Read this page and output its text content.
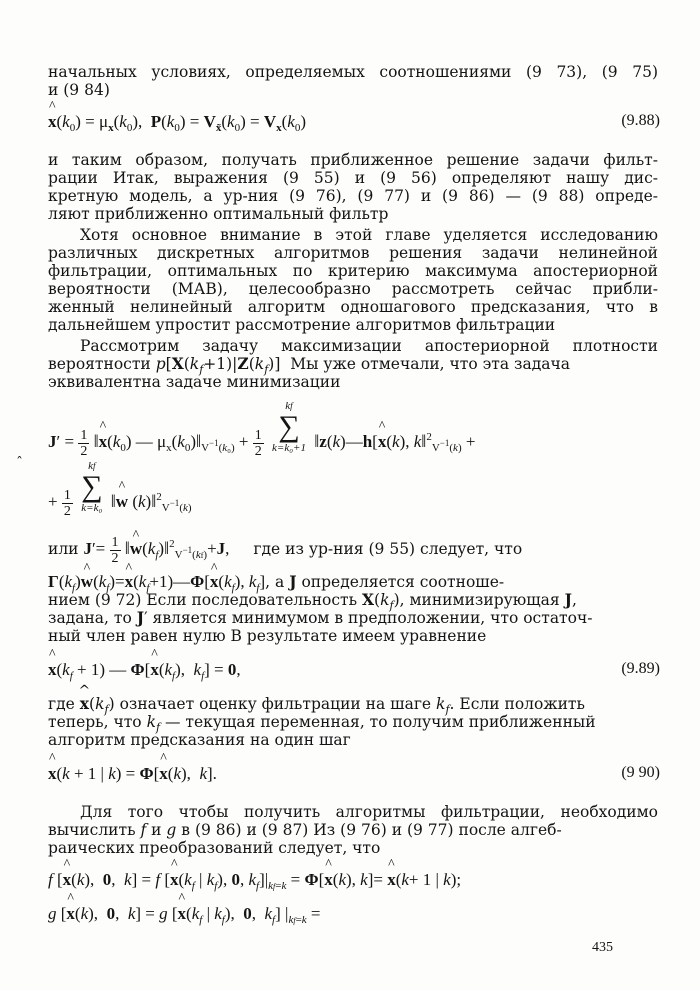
начальных условиях, определяемых соотношениями (9 73), (9 75)
и (9 84)
^ $x(k_0) = \mu_x(k_0)$,  $P(k_0) = V_{x̃}(k_0) = V_x(k_0)$	(9.88)
и таким образом, получать приближенное решение задачи фильт-
рации Итак, выражения (9 55) и (9 56) определяют нашу дис-
кретную модель, а ур-ния (9 76), (9 77) и (9 86) — (9 88) опреде-
ляют приближенно оптимальный фильтр
Хотя основное внимание в этой главе уделяется исследованию
различных дискретных алгоритмов решения задачи нелинейной
фильтрации, оптимальных по критерию максимума апостериорной
вероятности (МАВ), целесообразно рассмотреть сейчас прибли-
женный нелинейный алгоритм одношагового предсказания, что в
дальнейшем упростит рассмотрение алгоритмов фильтрации
Рассмотрим задачу максимизации апостериорной плотности
вероятности $p[X(k_f+1)|Z(k_f)]$  Мы уже отмечали, что эта задача
эквивалентна задаче минимизации
$J' = \frac{1}{2}$ ‖^ $x(k_0)$ — $\mu_x(k_0)‖_{V^{-1}(k_0)} + \frac{1}{2}$

kf
∑
k=k₀+1 ‖z(k)—h[^ x(k), k‖$^2_{V^{-1}(k)}$ +
ˆ
+ $\frac{1}{2}$

kf
∑
k=k₀ ‖^ w (k)‖$^2_{V^{-1}(k)}$
или $J'= \frac{1}{2}$ ‖^ $w(k_f)‖^2_{V^{-1}(kf)}+J$,     где из ур-ния (9 55) следует, что
$Г(k_f)\^{}$ $w(k_f)=\^{}$ $x(k_f+1)—\Phi[\^{}$ $x(k_f)$, $k_f$], а J определяется соотноше-
нием (9 72) Если последовательность $X(k_f)$, минимизирующая J,
задана, то J′ является минимумом в предположении, что остаточ-
ный член равен нулю В результате имеем уравнение
^ $x(k_f + 1)$ — Φ[^ $x(k_f)$,  $k_f] = 0$,	(9.89)
где ^ $x(k_f)$ означает оценку фильтрации на шаге $k_f$. Если положить
теперь, что $k_f$ — текущая переменная, то получим приближенный
алгоритм предсказания на один шаг
^ x(k + 1 | k) = Φ[^ x(k),  k].	(9 90)
Для того чтобы получить алгоритмы фильтрации, необходимо
вычислить f и g в (9 86) и (9 87) Из (9 76) и (9 77) после алгеб-
раических преобразований следует, что
f [^ x(k),  0,  k] = f [^ $x(k_f$ | $k_f$), 0, $k_f]|_{kf=k}$ = Φ[^ x(k), k]= ^ x(k+ 1 | k);
g [^ x(k),  0,  k] = g [^ $x(k_f$ | $k_f$),  0,  $k_f$] $|_{kf=k}$ =
435
